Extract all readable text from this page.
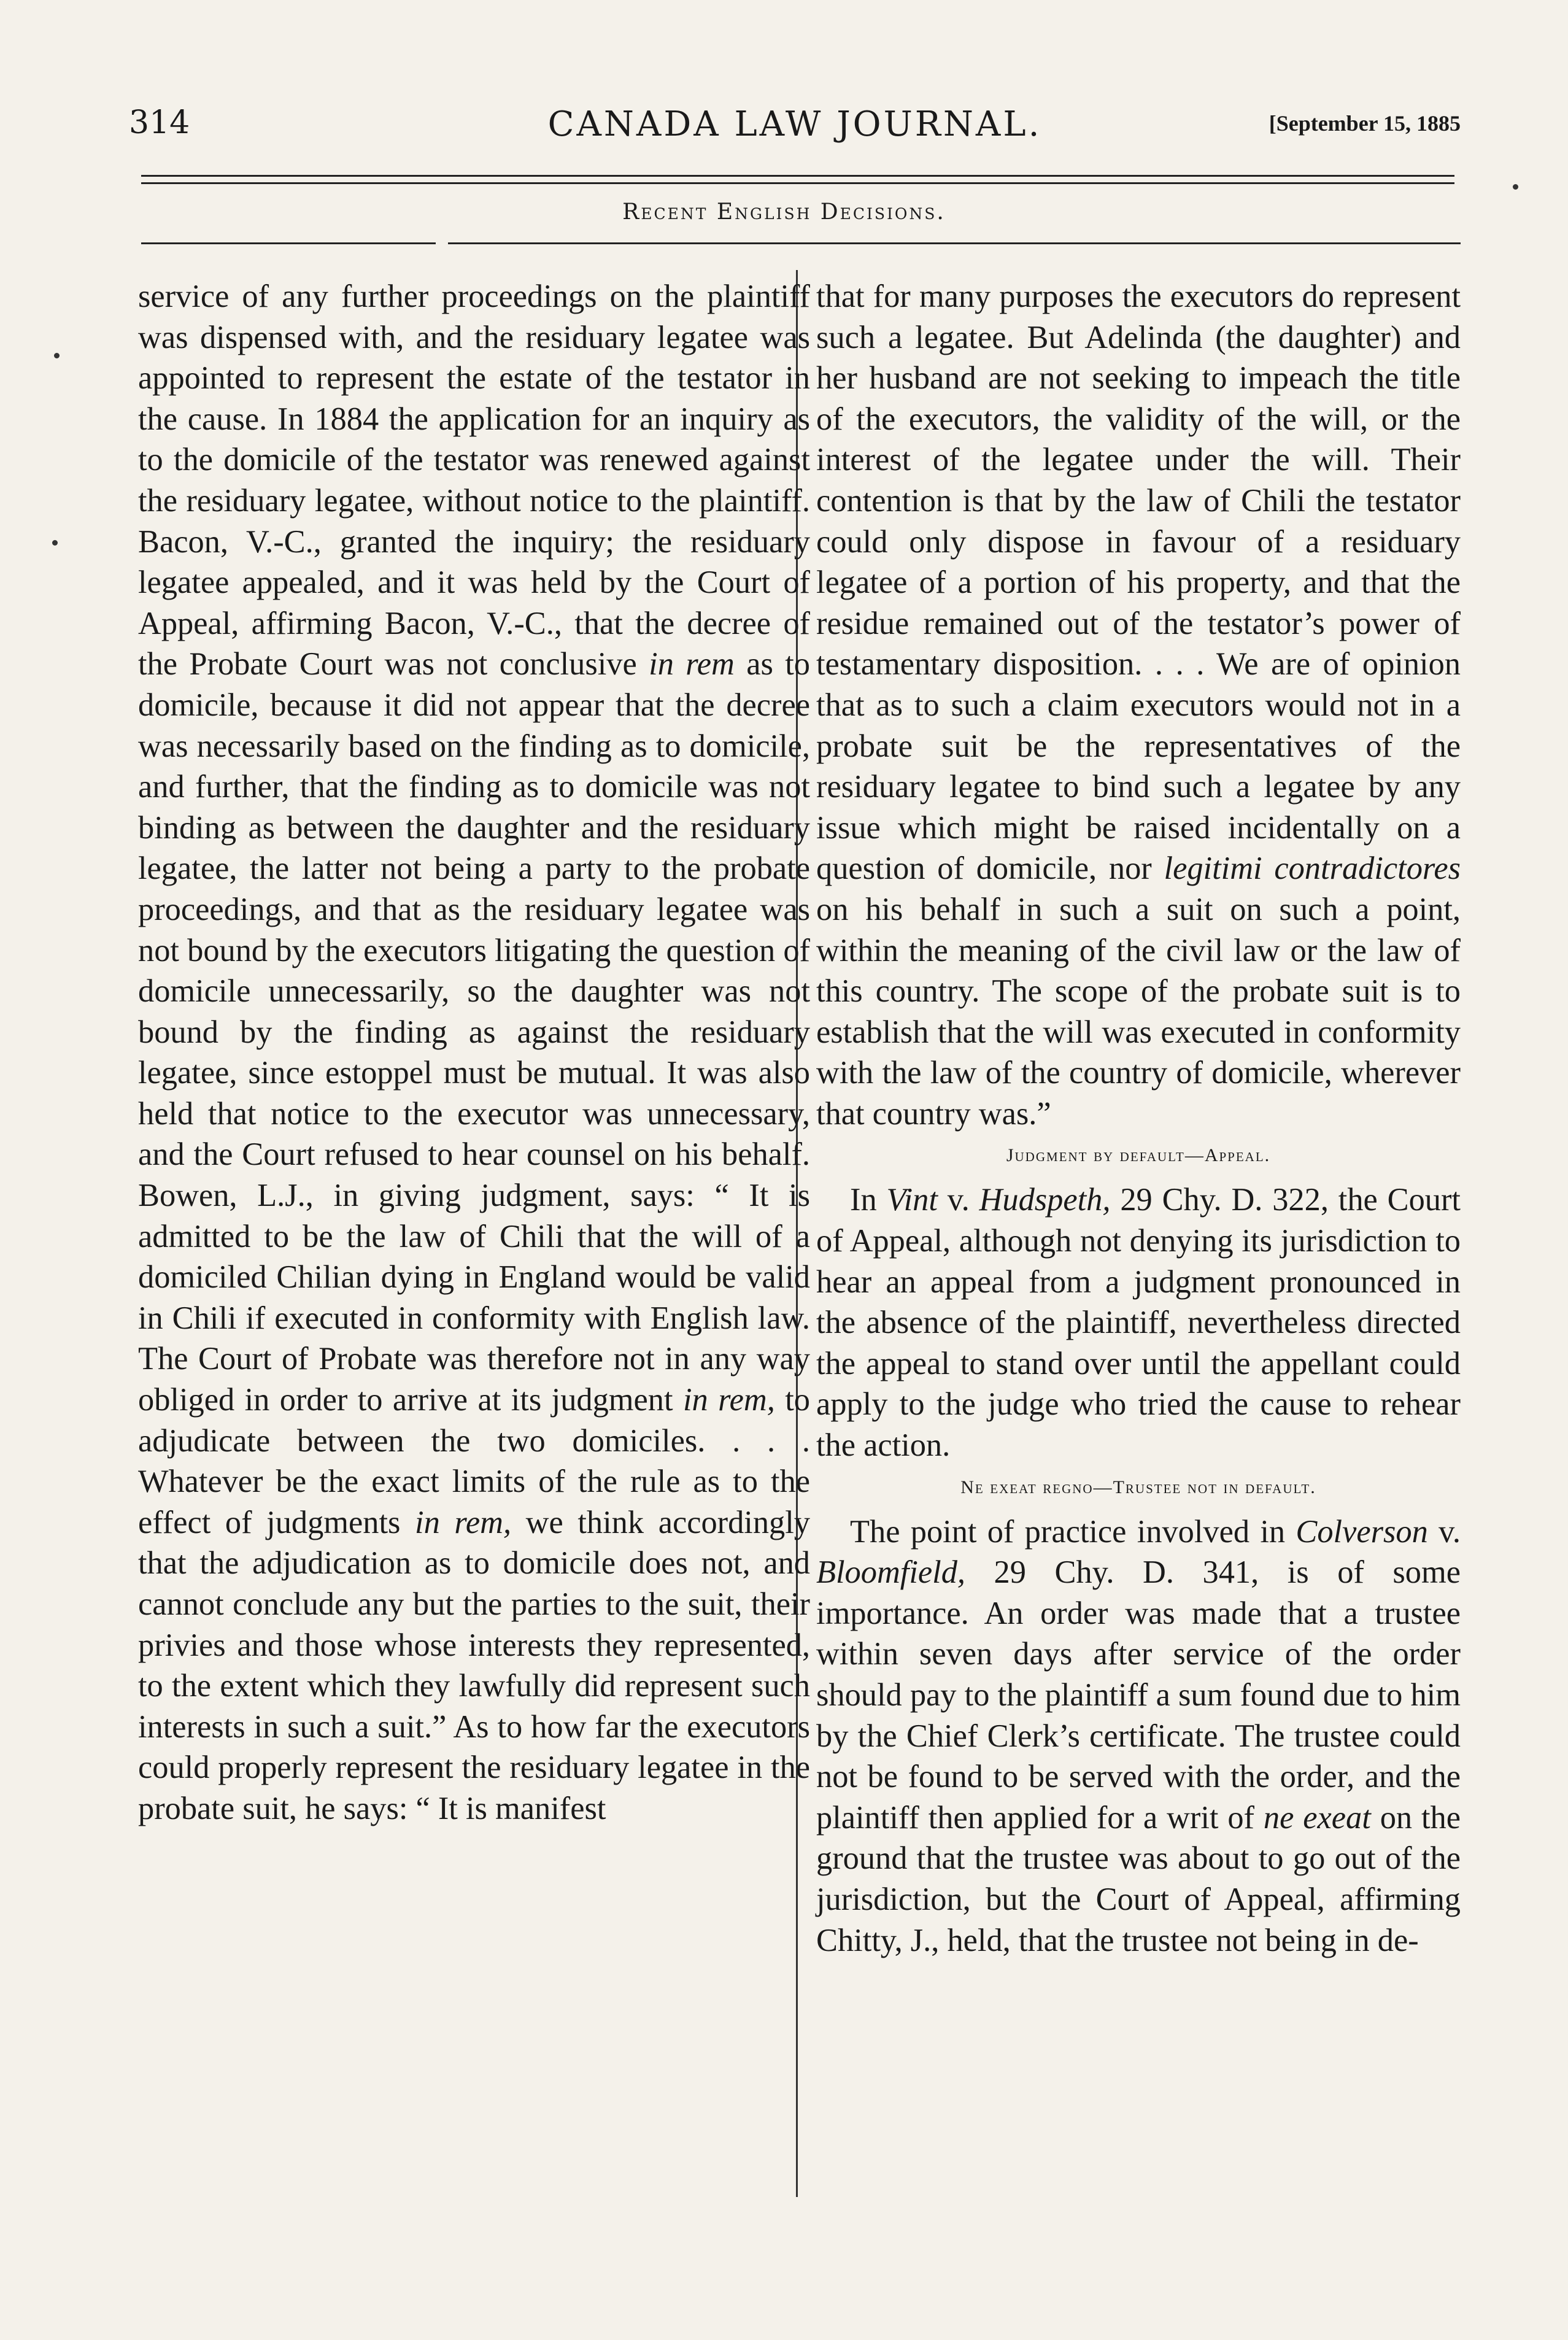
314	CANADA LAW JOURNAL.	[September 15, 1885
Recent English Decisions.

service of any further proceedings on the plaintiff was dispensed with, and the residuary legatee was appointed to represent the estate of the testator in the cause. In 1884 the application for an inquiry as to the domicile of the testator was renewed against the residuary legatee, without notice to the plaintiff. Bacon, V.-C., granted the inquiry; the residuary legatee appealed, and it was held by the Court of Appeal, affirming Bacon, V.-C., that the decree of the Probate Court was not conclusive in rem as to domicile, because it did not appear that the decree was necessarily based on the finding as to domicile, and further, that the finding as to domicile was not binding as between the daughter and the residuary legatee, the latter not being a party to the probate proceedings, and that as the residuary legatee was not bound by the executors litigating the question of domicile unnecessarily, so the daughter was not bound by the finding as against the residuary legatee, since estoppel must be mutual. It was also held that notice to the executor was unnecessary, and the Court refused to hear counsel on his behalf. Bowen, L.J., in giving judgment, says: “ It is admitted to be the law of Chili that the will of a domiciled Chilian dying in England would be valid in Chili if executed in conformity with English law. The Court of Probate was therefore not in any way obliged in order to arrive at its judgment in rem, to adjudicate between the two domiciles. . . . Whatever be the exact limits of the rule as to the effect of judgments in rem, we think accordingly that the adjudication as to domicile does not, and cannot conclude any but the parties to the suit, their privies and those whose interests they represented, to the extent which they lawfully did represent such interests in such a suit.” As to how far the executors could properly represent the residuary legatee in the probate suit, he says: “ It is manifest

that for many purposes the executors do represent such a legatee. But Adelinda (the daughter) and her husband are not seeking to impeach the title of the executors, the validity of the will, or the interest of the legatee under the will. Their contention is that by the law of Chili the testator could only dispose in favour of a residuary legatee of a portion of his property, and that the residue remained out of the testator’s power of testamentary disposition. . . . We are of opinion that as to such a claim executors would not in a probate suit be the representatives of the residuary legatee to bind such a legatee by any issue which might be raised incidentally on a question of domicile, nor legitimi contradictores on his behalf in such a suit on such a point, within the meaning of the civil law or the law of this country. The scope of the probate suit is to establish that the will was executed in conformity with the law of the country of domicile, wherever that country was.”

Judgment by default—Appeal.

In Vint v. Hudspeth, 29 Chy. D. 322, the Court of Appeal, although not denying its jurisdiction to hear an appeal from a judgment pronounced in the absence of the plaintiff, nevertheless directed the appeal to stand over until the appellant could apply to the judge who tried the cause to rehear the action.

Ne exeat regno—Trustee not in default.

The point of practice involved in Colverson v. Bloomfield, 29 Chy. D. 341, is of some importance. An order was made that a trustee within seven days after service of the order should pay to the plaintiff a sum found due to him by the Chief Clerk’s certificate. The trustee could not be found to be served with the order, and the plaintiff then applied for a writ of ne exeat on the ground that the trustee was about to go out of the jurisdiction, but the Court of Appeal, affirming Chitty, J., held, that the trustee not being in de-
